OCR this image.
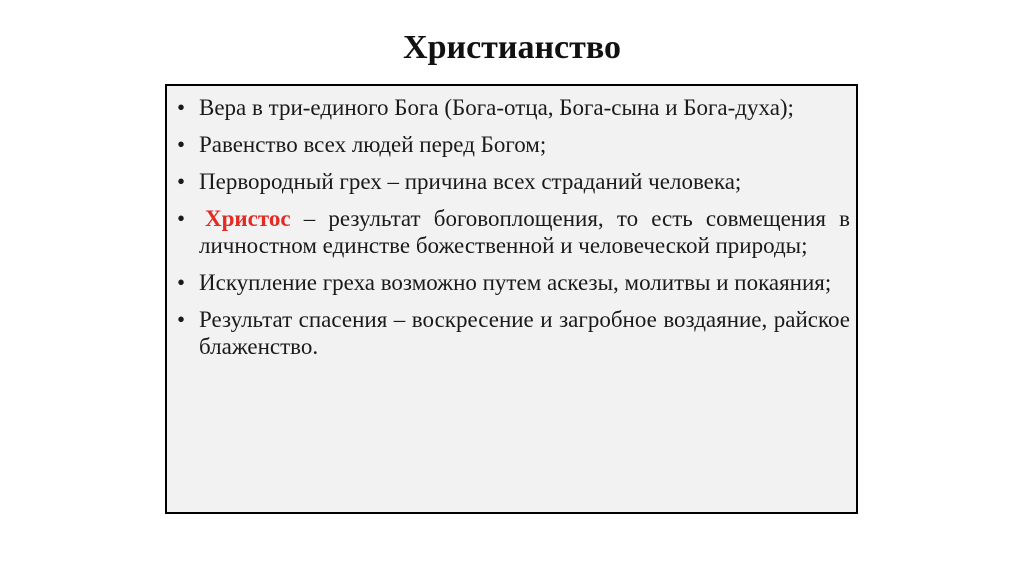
Христианство
• Вера в три-единого Бога (Бога-отца, Бога-сына и Бога-духа);
• Равенство всех людей перед Богом;
• Первородный грех – причина всех страданий человека;
• Христос – результат боговоплощения, то есть совмещения в личностном единстве божественной и человеческой природы;
• Искупление греха возможно путем аскезы, молитвы и покаяния;
• Результат спасения – воскресение и загробное воздаяние, райское блаженство.
